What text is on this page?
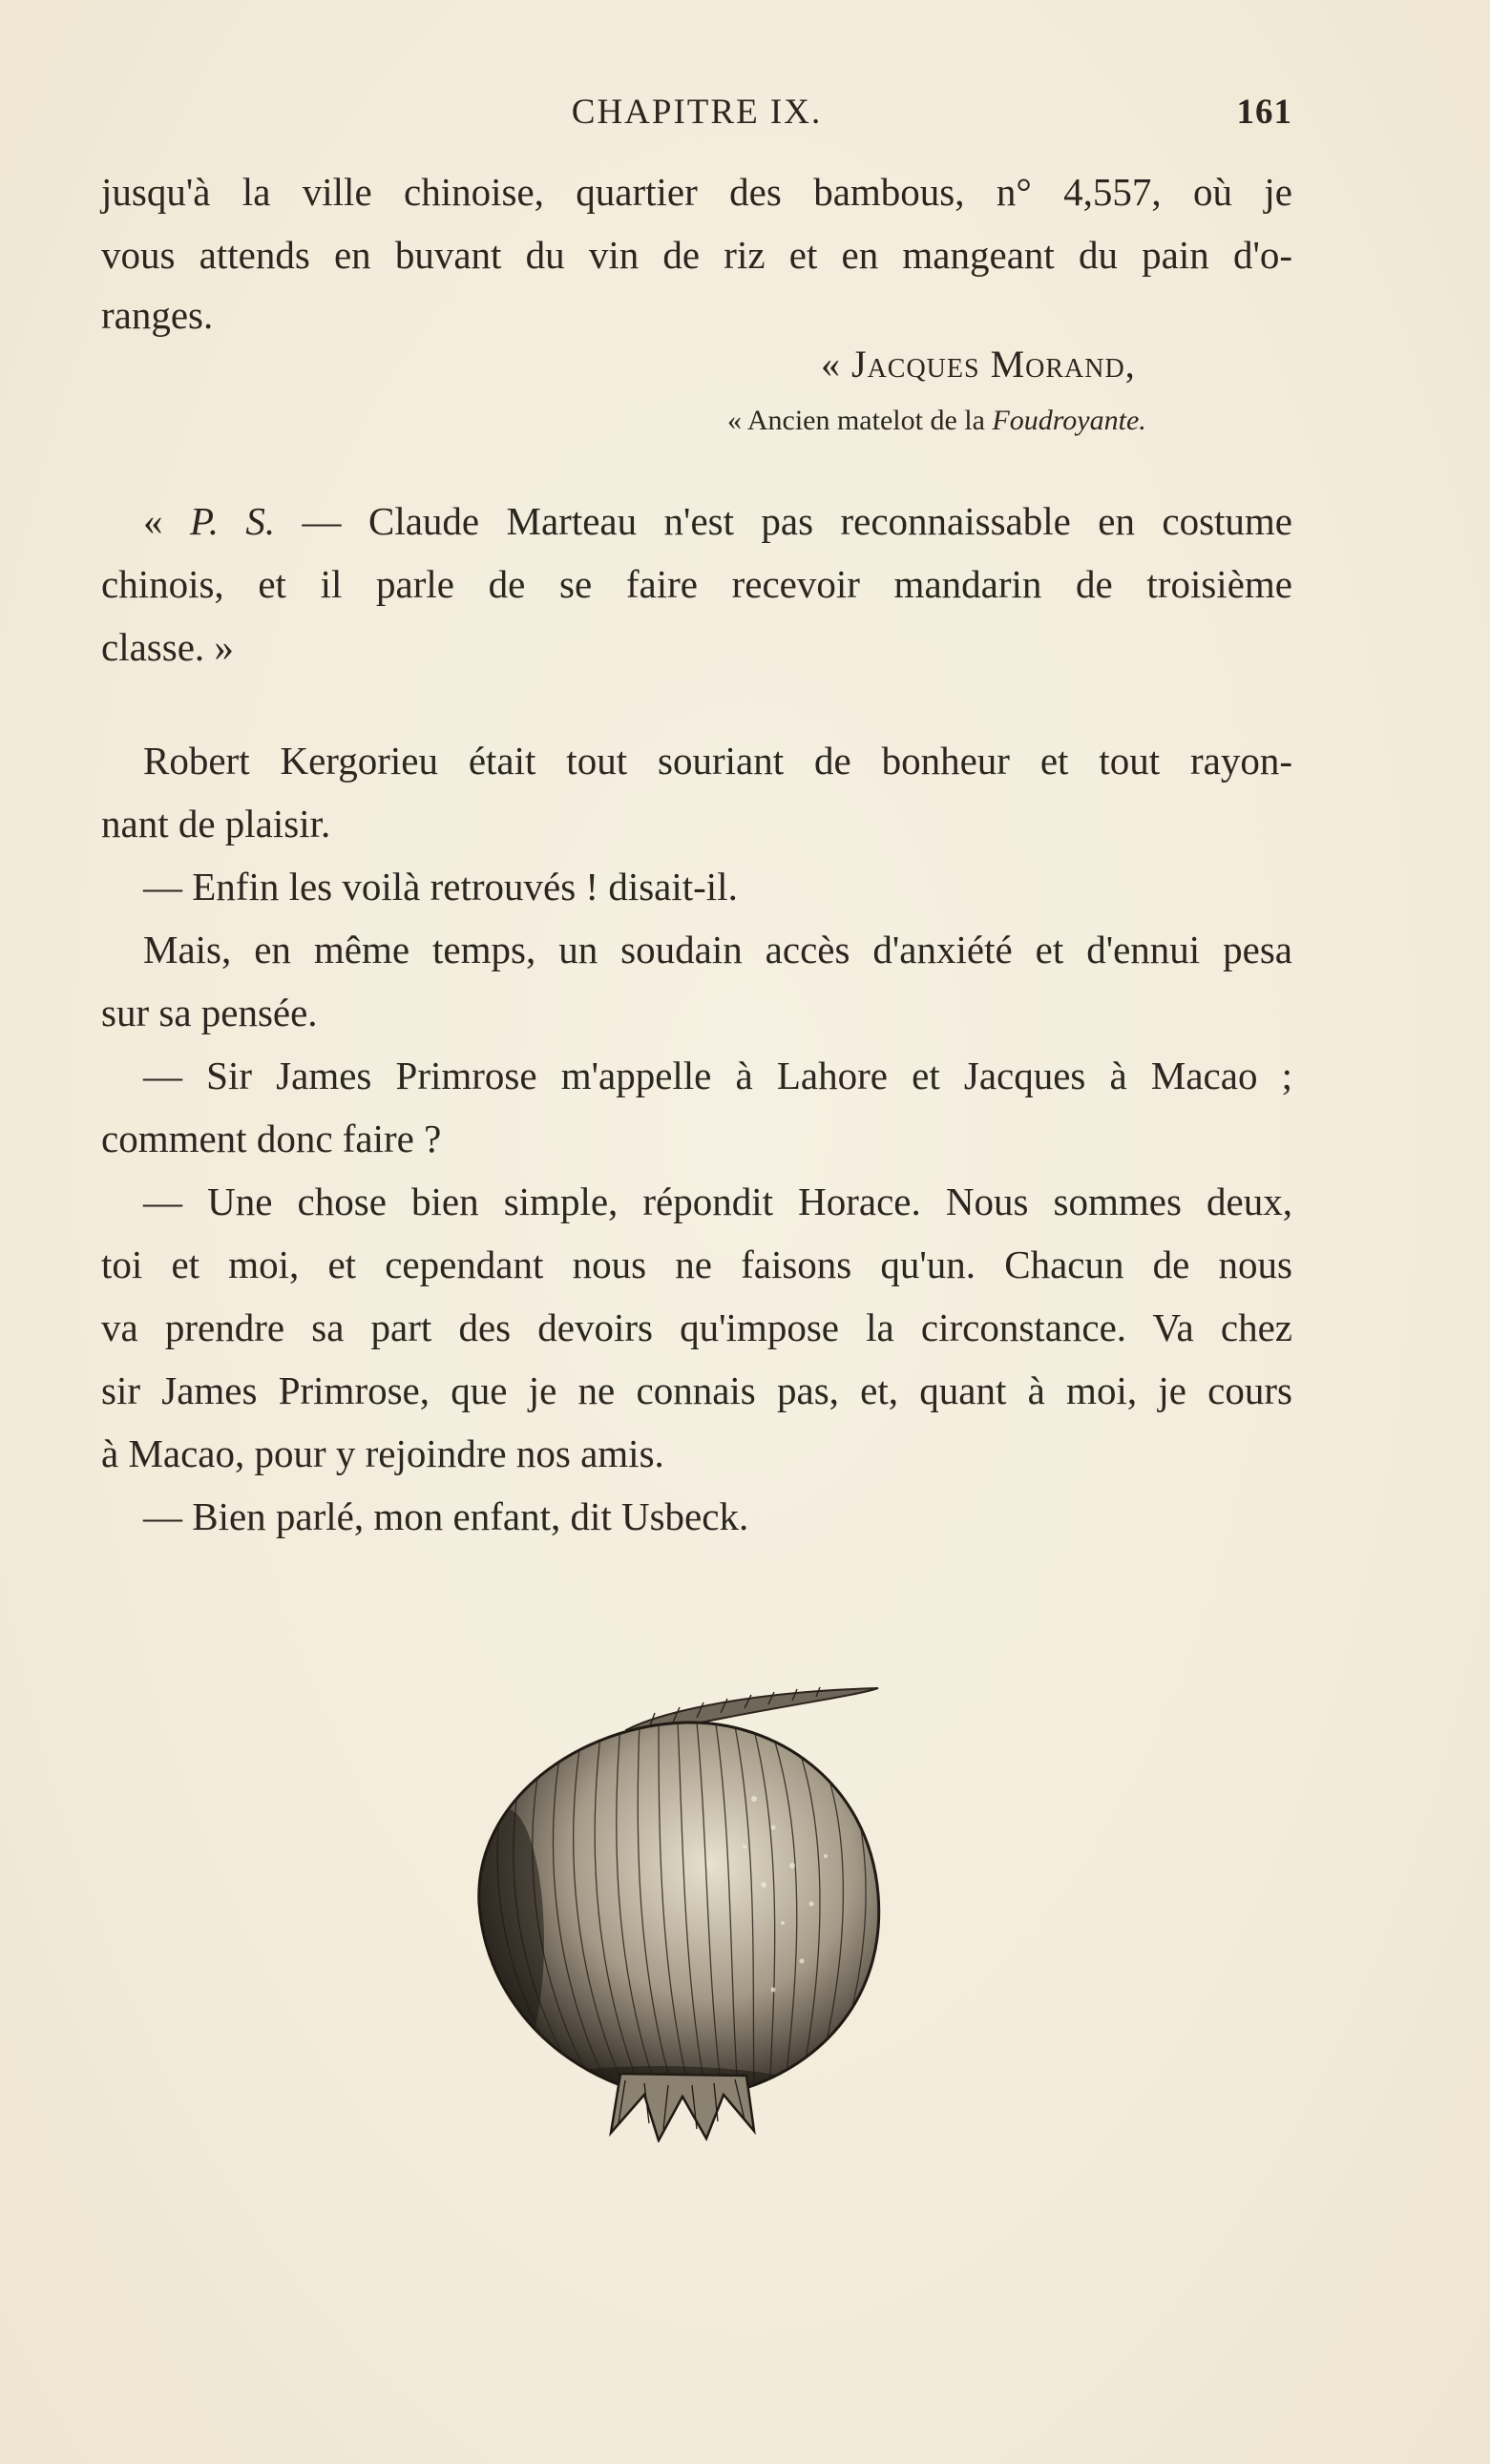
CHAPITRE IX.	161
jusqu'à la ville chinoise, quartier des bambous, n° 4,557, où je
vous attends en buvant du vin de riz et en mangeant du pain d'o-
ranges.
« Jacques Morand,
« Ancien matelot de la Foudroyante.
« P. S. — Claude Marteau n'est pas reconnaissable en costume
chinois, et il parle de se faire recevoir mandarin de troisième
classe. »
Robert Kergorieu était tout souriant de bonheur et tout rayon-
nant de plaisir.
— Enfin les voilà retrouvés ! disait-il.
Mais, en même temps, un soudain accès d'anxiété et d'ennui pesa
sur sa pensée.
— Sir James Primrose m'appelle à Lahore et Jacques à Macao ;
comment donc faire ?
— Une chose bien simple, répondit Horace. Nous sommes deux,
toi et moi, et cependant nous ne faisons qu'un. Chacun de nous
va prendre sa part des devoirs qu'impose la circonstance. Va chez
sir James Primrose, que je ne connais pas, et, quant à moi, je cours
à Macao, pour y rejoindre nos amis.
— Bien parlé, mon enfant, dit Usbeck.
